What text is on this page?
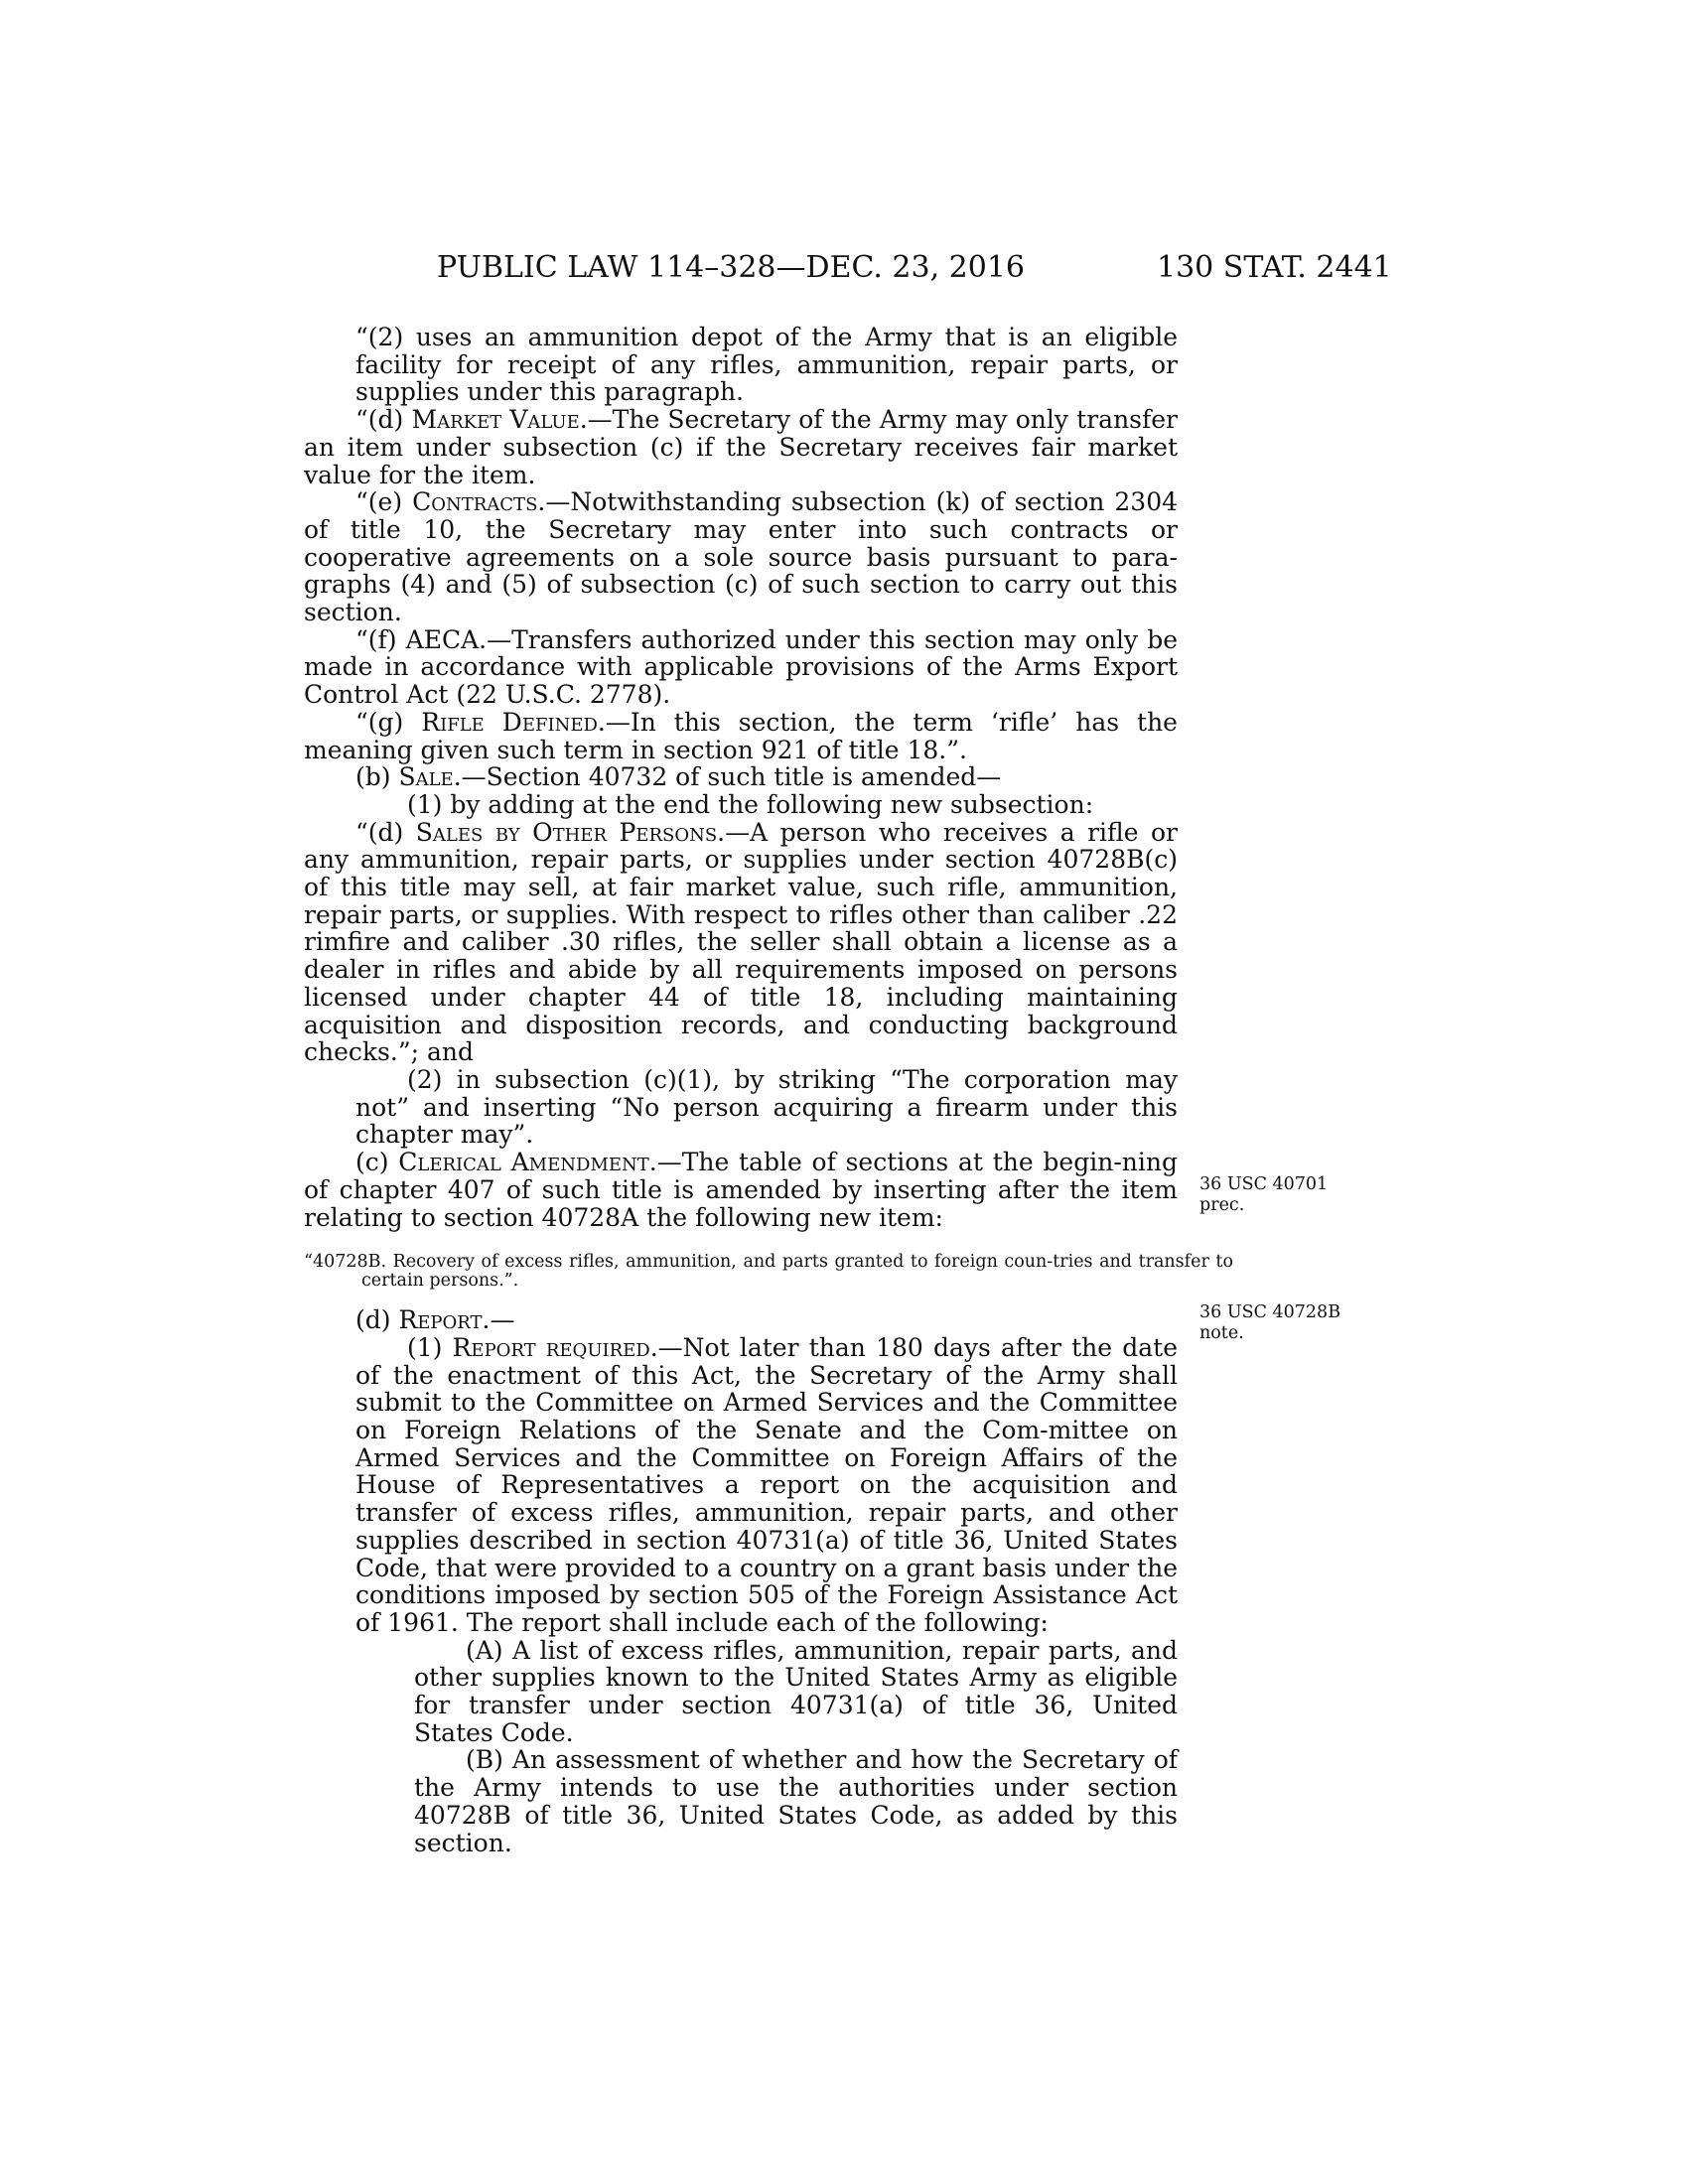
PUBLIC LAW 114–328—DEC. 23, 2016	130 STAT. 2441

“(2) uses an ammunition depot of the Army that is an eligible facility for receipt of any rifles, ammunition, repair parts, or supplies under this paragraph.

“(d) Market Value.—The Secretary of the Army may only transfer an item under subsection (c) if the Secretary receives fair market value for the item.

“(e) Contracts.—Notwithstanding subsection (k) of section 2304 of title 10, the Secretary may enter into such contracts or cooperative agreements on a sole source basis pursuant to para-graphs (4) and (5) of subsection (c) of such section to carry out this section.

“(f) AECA.—Transfers authorized under this section may only be made in accordance with applicable provisions of the Arms Export Control Act (22 U.S.C. 2778).

“(g) Rifle Defined.—In this section, the term ‘rifle’ has the meaning given such term in section 921 of title 18.”.

(b) Sale.—Section 40732 of such title is amended—

(1) by adding at the end the following new subsection:

“(d) Sales by Other Persons.—A person who receives a rifle or any ammunition, repair parts, or supplies under section 40728B(c) of this title may sell, at fair market value, such rifle, ammunition, repair parts, or supplies. With respect to rifles other than caliber .22 rimfire and caliber .30 rifles, the seller shall obtain a license as a dealer in rifles and abide by all requirements imposed on persons licensed under chapter 44 of title 18, including maintaining acquisition and disposition records, and conducting background checks.”; and

(2) in subsection (c)(1), by striking “The corporation may not” and inserting “No person acquiring a firearm under this chapter may”.

(c) Clerical Amendment.—The table of sections at the begin-ning of chapter 407 of such title is amended by inserting after the item relating to section 40728A the following new item:

“40728B. Recovery of excess rifles, ammunition, and parts granted to foreign coun-tries and transfer to certain persons.”.

(d) Report.—

(1) Report required.—Not later than 180 days after the date of the enactment of this Act, the Secretary of the Army shall submit to the Committee on Armed Services and the Committee on Foreign Relations of the Senate and the Com-mittee on Armed Services and the Committee on Foreign Affairs of the House of Representatives a report on the acquisition and transfer of excess rifles, ammunition, repair parts, and other supplies described in section 40731(a) of title 36, United States Code, that were provided to a country on a grant basis under the conditions imposed by section 505 of the Foreign Assistance Act of 1961. The report shall include each of the following:

(A) A list of excess rifles, ammunition, repair parts, and other supplies known to the United States Army as eligible for transfer under section 40731(a) of title 36, United States Code.

(B) An assessment of whether and how the Secretary of the Army intends to use the authorities under section 40728B of title 36, United States Code, as added by this section.

36 USC 40701
prec.
36 USC 40728B
note.
